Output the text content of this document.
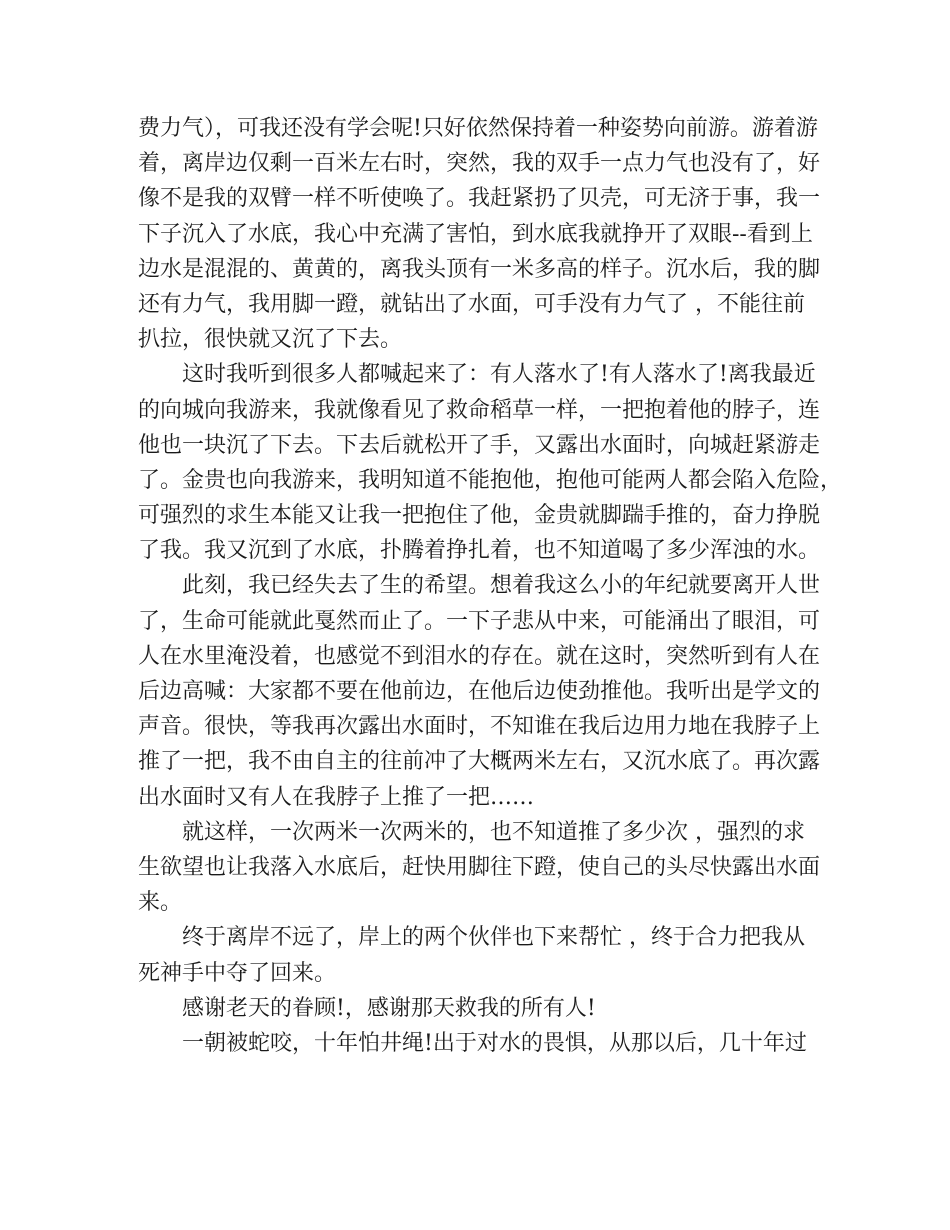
费力气），可我还没有学会呢!只好依然保持着一种姿势向前游。游着游
着，离岸边仅剩一百米左右时，突然，我的双手一点力气也没有了，好
像不是我的双臂一样不听使唤了。我赶紧扔了贝壳，可无济于事，我一
下子沉入了水底，我心中充满了害怕，到水底我就挣开了双眼--看到上
边水是混混的、黄黄的，离我头顶有一米多高的样子。沉水后，我的脚
还有力气，我用脚一蹬，就钻出了水面，可手没有力气了 ，不能往前
扒拉，很快就又沉了下去。
这时我听到很多人都喊起来了：有人落水了!有人落水了!离我最近
的向城向我游来，我就像看见了救命稻草一样，一把抱着他的脖子，连
他也一块沉了下去。下去后就松开了手，又露出水面时，向城赶紧游走
了。金贵也向我游来，我明知道不能抱他，抱他可能两人都会陷入危险，
可强烈的求生本能又让我一把抱住了他，金贵就脚踹手推的，奋力挣脱
了我。我又沉到了水底，扑腾着挣扎着，也不知道喝了多少浑浊的水。
此刻，我已经失去了生的希望。想着我这么小的年纪就要离开人世
了，生命可能就此戛然而止了。一下子悲从中来，可能涌出了眼泪，可
人在水里淹没着，也感觉不到泪水的存在。就在这时，突然听到有人在
后边高喊：大家都不要在他前边，在他后边使劲推他。我听出是学文的
声音。很快，等我再次露出水面时，不知谁在我后边用力地在我脖子上
推了一把，我不由自主的往前冲了大概两米左右，又沉水底了。再次露
出水面时又有人在我脖子上推了一把……
就这样，一次两米一次两米的，也不知道推了多少次 ，强烈的求
生欲望也让我落入水底后，赶快用脚往下蹬，使自己的头尽快露出水面
来。
终于离岸不远了，岸上的两个伙伴也下来帮忙 ，终于合力把我从
死神手中夺了回来。
感谢老天的眷顾!，感谢那天救我的所有人!
一朝被蛇咬，十年怕井绳!出于对水的畏惧，从那以后，几十年过
